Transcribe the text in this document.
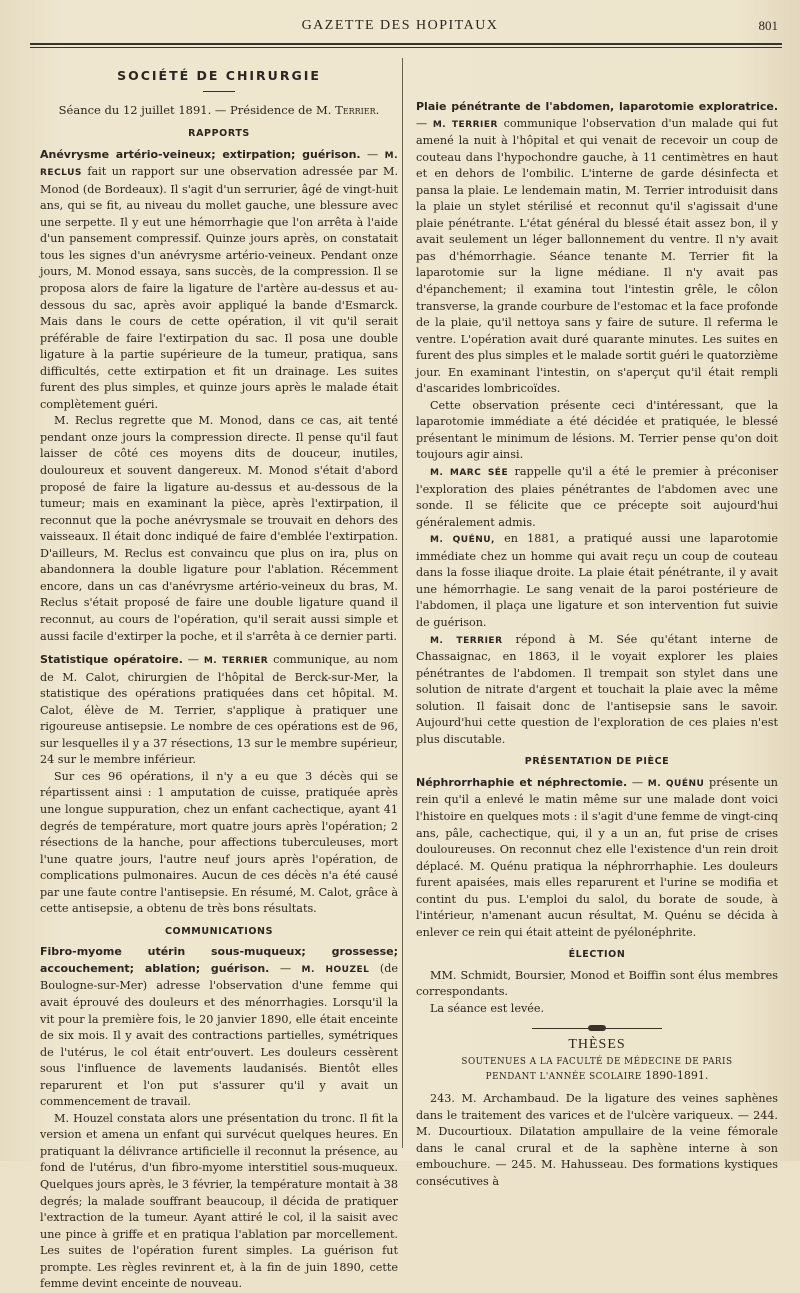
GAZETTE DES HOPITAUX	801
SOCIÉTÉ DE CHIRURGIE
Séance du 12 juillet 1891. — Présidence de M. Terrier.
RAPPORTS

Anévrysme artério-veineux; extirpation; guérison. — M. RECLUS fait un rapport sur une observation adressée par M. Monod (de Bordeaux). Il s'agit d'un serrurier, âgé de vingt-huit ans, qui se fit, au niveau du mollet gauche, une blessure avec une serpette. Il y eut une hémorrhagie que l'on arrêta à l'aide d'un pansement compressif. Quinze jours après, on constatait tous les signes d'un anévrysme artério-veineux. Pendant onze jours, M. Monod essaya, sans succès, de la compression. Il se proposa alors de faire la ligature de l'artère au-dessus et au-dessous du sac, après avoir appliqué la bande d'Esmarck. Mais dans le cours de cette opération, il vit qu'il serait préférable de faire l'extirpation du sac. Il posa une double ligature à la partie supérieure de la tumeur, pratiqua, sans difficultés, cette extirpation et fit un drainage. Les suites furent des plus simples, et quinze jours après le malade était complètement guéri.

M. Reclus regrette que M. Monod, dans ce cas, ait tenté pendant onze jours la compression directe. Il pense qu'il faut laisser de côté ces moyens dits de douceur, inutiles, douloureux et souvent dangereux. M. Monod s'était d'abord proposé de faire la ligature au-dessus et au-dessous de la tumeur; mais en examinant la pièce, après l'extirpation, il reconnut que la poche anévrysmale se trouvait en dehors des vaisseaux. Il était donc indiqué de faire d'emblée l'extirpation. D'ailleurs, M. Reclus est convaincu que plus on ira, plus on abandonnera la double ligature pour l'ablation. Récemment encore, dans un cas d'anévrysme artério-veineux du bras, M. Reclus s'était proposé de faire une double ligature quand il reconnut, au cours de l'opération, qu'il serait aussi simple et aussi facile d'extirper la poche, et il s'arrêta à ce dernier parti.

Statistique opératoire. — M. TERRIER communique, au nom de M. Calot, chirurgien de l'hôpital de Berck-sur-Mer, la statistique des opérations pratiquées dans cet hôpital. M. Calot, élève de M. Terrier, s'applique à pratiquer une rigoureuse antisepsie. Le nombre de ces opérations est de 96, sur lesquelles il y a 37 résections, 13 sur le membre supérieur, 24 sur le membre inférieur.

Sur ces 96 opérations, il n'y a eu que 3 décès qui se répartissent ainsi : 1 amputation de cuisse, pratiquée après une longue suppuration, chez un enfant cachectique, ayant 41 degrés de température, mort quatre jours après l'opération; 2 résections de la hanche, pour affections tuberculeuses, mort l'une quatre jours, l'autre neuf jours après l'opération, de complications pulmonaires. Aucun de ces décès n'a été causé par une faute contre l'antisepsie. En résumé, M. Calot, grâce à cette antisepsie, a obtenu de très bons résultats.

COMMUNICATIONS

Fibro-myome utérin sous-muqueux; grossesse; accouchement; ablation; guérison. — M. HOUZEL (de Boulogne-sur-Mer) adresse l'observation d'une femme qui avait éprouvé des douleurs et des ménorrhagies. Lorsqu'il la vit pour la première fois, le 20 janvier 1890, elle était enceinte de six mois. Il y avait des contractions partielles, symétriques de l'utérus, le col était entr'ouvert. Les douleurs cessèrent sous l'influence de lavements laudanisés. Bientôt elles reparurent et l'on put s'assurer qu'il y avait un commencement de travail.

M. Houzel constata alors une présentation du tronc. Il fit la version et amena un enfant qui survécut quelques heures. En pratiquant la délivrance artificielle il reconnut la présence, au fond de l'utérus, d'un fibro-myome interstitiel sous-muqueux. Quelques jours après, le 3 février, la température montait à 38 degrés; la malade souffrant beaucoup, il décida de pratiquer l'extraction de la tumeur. Ayant attiré le col, il la saisit avec une pince à griffe et en pratiqua l'ablation par morcellement. Les suites de l'opération furent simples. La guérison fut prompte. Les règles revinrent et, à la fin de juin 1890, cette femme devint enceinte de nouveau.

Plaie pénétrante de l'abdomen, laparotomie exploratrice. — M. TERRIER communique l'observation d'un malade qui fut amené la nuit à l'hôpital et qui venait de recevoir un coup de couteau dans l'hypochondre gauche, à 11 centimètres en haut et en dehors de l'ombilic. L'interne de garde désinfecta et pansa la plaie. Le lendemain matin, M. Terrier introduisit dans la plaie un stylet stérilisé et reconnut qu'il s'agissait d'une plaie pénétrante. L'état général du blessé était assez bon, il y avait seulement un léger ballonnement du ventre. Il n'y avait pas d'hémorrhagie. Séance tenante M. Terrier fit la laparotomie sur la ligne médiane. Il n'y avait pas d'épanchement; il examina tout l'intestin grêle, le côlon transverse, la grande courbure de l'estomac et la face profonde de la plaie, qu'il nettoya sans y faire de suture. Il referma le ventre. L'opération avait duré quarante minutes. Les suites en furent des plus simples et le malade sortit guéri le quatorzième jour. En examinant l'intestin, on s'aperçut qu'il était rempli d'ascarides lombricoïdes.

Cette observation présente ceci d'intéressant, que la laparotomie immédiate a été décidée et pratiquée, le blessé présentant le minimum de lésions. M. Terrier pense qu'on doit toujours agir ainsi.

M. MARC SÉE rappelle qu'il a été le premier à préconiser l'exploration des plaies pénétrantes de l'abdomen avec une sonde. Il se félicite que ce précepte soit aujourd'hui généralement admis.

M. QUÉNU, en 1881, a pratiqué aussi une laparotomie immédiate chez un homme qui avait reçu un coup de couteau dans la fosse iliaque droite. La plaie était pénétrante, il y avait une hémorrhagie. Le sang venait de la paroi postérieure de l'abdomen, il plaça une ligature et son intervention fut suivie de guérison.

M. TERRIER répond à M. Sée qu'étant interne de Chassaignac, en 1863, il le voyait explorer les plaies pénétrantes de l'abdomen. Il trempait son stylet dans une solution de nitrate d'argent et touchait la plaie avec la même solution. Il faisait donc de l'antisepsie sans le savoir. Aujourd'hui cette question de l'exploration de ces plaies n'est plus discutable.

PRÉSENTATION DE PIÈCE

Néphrorrhaphie et néphrectomie. — M. QUÉNU présente un rein qu'il a enlevé le matin même sur une malade dont voici l'histoire en quelques mots : il s'agit d'une femme de vingt-cinq ans, pâle, cachectique, qui, il y a un an, fut prise de crises douloureuses. On reconnut chez elle l'existence d'un rein droit déplacé. M. Quénu pratiqua la néphrorrhaphie. Les douleurs furent apaisées, mais elles reparurent et l'urine se modifia et contint du pus. L'emploi du salol, du borate de soude, à l'intérieur, n'amenant aucun résultat, M. Quénu se décida à enlever ce rein qui était atteint de pyélonéphrite.

ÉLECTION

MM. Schmidt, Boursier, Monod et Boiffin sont élus membres correspondants.

La séance est levée.

THÈSES
SOUTENUES A LA FACULTÉ DE MÉDECINE DE PARIS
PENDANT L'ANNÉE SCOLAIRE 1890-1891.

243. M. Archambaud. De la ligature des veines saphènes dans le traitement des varices et de l'ulcère variqueux. — 244. M. Ducourtioux. Dilatation ampullaire de la veine fémorale dans le canal crural et de la saphène interne à son embouchure. — 245. M. Hahusseau. Des formations kystiques consécutives à
